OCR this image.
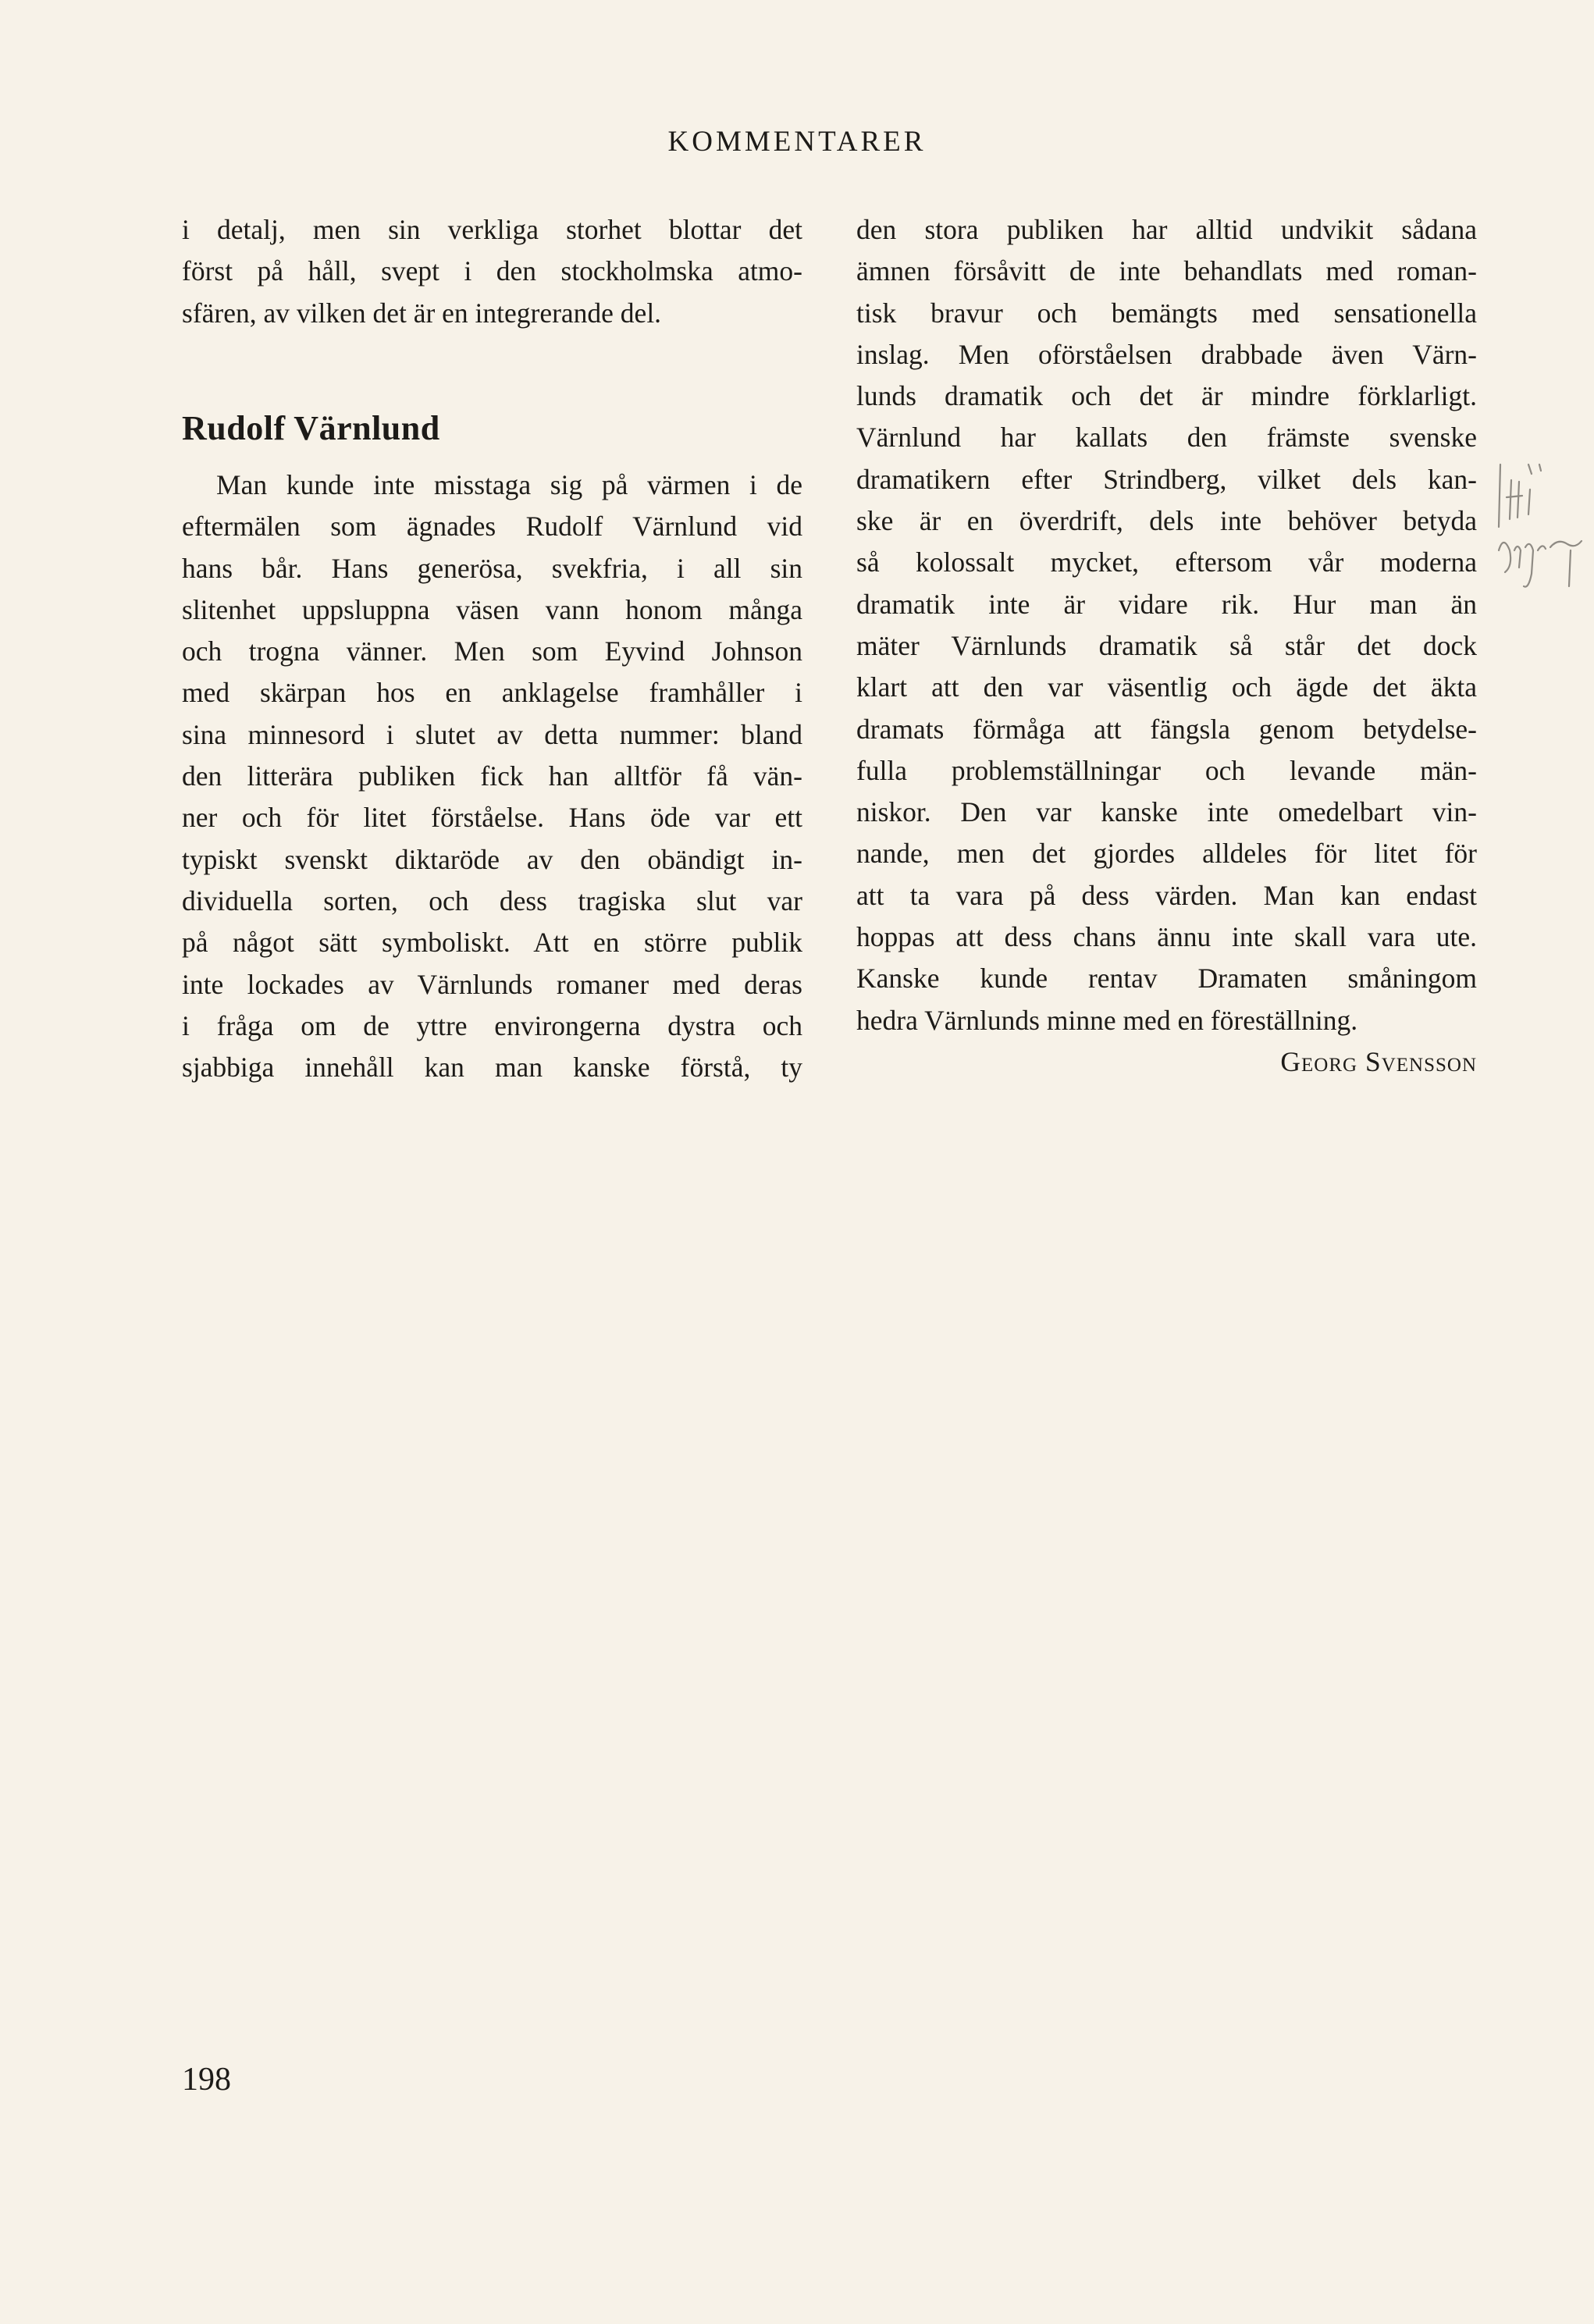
KOMMENTARER
i detalj, men sin verkliga storhet blottar det
först på håll, svept i den stockholmska atmo-
sfären, av vilken det är en integrerande del.
Rudolf Värnlund
Man kunde inte misstaga sig på värmen i de
eftermälen som ägnades Rudolf Värnlund vid
hans bår. Hans generösa, svekfria, i all sin
slitenhet uppsluppna väsen vann honom många
och trogna vänner. Men som Eyvind Johnson
med skärpan hos en anklagelse framhåller i
sina minnesord i slutet av detta nummer: bland
den litterära publiken fick han alltför få vän-
ner och för litet förståelse. Hans öde var ett
typiskt svenskt diktaröde av den obändigt in-
dividuella sorten, och dess tragiska slut var
på något sätt symboliskt. Att en större publik
inte lockades av Värnlunds romaner med deras
i fråga om de yttre environgerna dystra och
sjabbiga innehåll kan man kanske förstå, ty
den stora publiken har alltid undvikit sådana
ämnen försåvitt de inte behandlats med roman-
tisk bravur och bemängts med sensationella
inslag. Men oförståelsen drabbade även Värn-
lunds dramatik och det är mindre förklarligt.
Värnlund har kallats den främste svenske
dramatikern efter Strindberg, vilket dels kan-
ske är en överdrift, dels inte behöver betyda
så kolossalt mycket, eftersom vår moderna
dramatik inte är vidare rik. Hur man än
mäter Värnlunds dramatik så står det dock
klart att den var väsentlig och ägde det äkta
dramats förmåga att fängsla genom betydelse-
fulla problemställningar och levande män-
niskor. Den var kanske inte omedelbart vin-
nande, men det gjordes alldeles för litet för
att ta vara på dess värden. Man kan endast
hoppas att dess chans ännu inte skall vara ute.
Kanske kunde rentav Dramaten småningom
hedra Värnlunds minne med en föreställning.
Georg Svensson
198
